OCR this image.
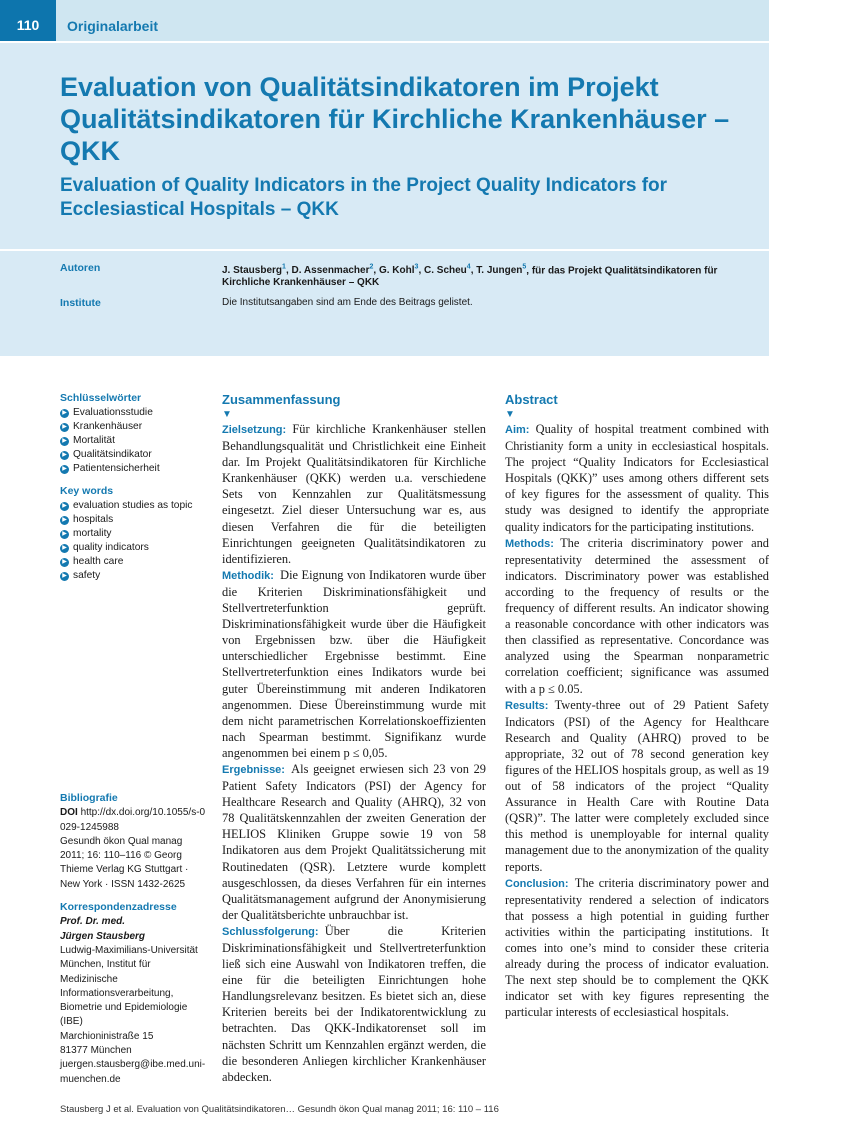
110	Originalarbeit
Evaluation von Qualitätsindikatoren im Projekt Qualitätsindikatoren für Kirchliche Krankenhäuser – QKK
Evaluation of Quality Indicators in the Project Quality Indicators for Ecclesiastical Hospitals – QKK
Autoren	J. Stausberg$^1$, D. Assenmacher$^2$, G. Kohl$^3$, C. Scheu$^4$, T. Jungen$^5$, für das Projekt Qualitätsindikatoren für Kirchliche Krankenhäuser – QKK
Institute	Die Institutsangaben sind am Ende des Beitrags gelistet.
Schlüsselwörter
▶ Evaluationsstudie
▶ Krankenhäuser
▶ Mortalität
▶ Qualitätsindikator
▶ Patientensicherheit
Key words
▶ evaluation studies as topic
▶ hospitals
▶ mortality
▶ quality indicators
▶ health care
▶ safety
Bibliografie
DOI http://dx.doi.org/10.1055/s-0029-1245988
Gesundh ökon Qual manag 2011; 16: 110–116 © Georg Thieme Verlag KG Stuttgart · New York · ISSN 1432-2625
Korrespondenzadresse
Prof. Dr. med.
Jürgen Stausberg
Ludwig-Maximilians-Universität München, Institut für Medizinische Informationsverarbeitung, Biometrie und Epidemiologie (IBE)
Marchioninistraße 15
81377 München
juergen.stausberg@ibe.med.uni-muenchen.de
Zusammenfassung
▼

Zielsetzung:  Für kirchliche Krankenhäuser stellen Behandlungsqualität und Christlichkeit eine Einheit dar. Im Projekt Qualitätsindikatoren für Kirchliche Krankenhäuser (QKK) werden u.a. verschiedene Sets von Kennzahlen zur Qualitätsmessung eingesetzt. Ziel dieser Untersuchung war es, aus diesen Verfahren die für die beteiligten Einrichtungen geeigneten Qualitätsindikatoren zu identifizieren.

Methodik:  Die Eignung von Indikatoren wurde über die Kriterien Diskriminationsfähigkeit und Stellvertreterfunktion geprüft. Diskriminationsfähigkeit wurde über die Häufigkeit von Ergebnissen bzw. über die Häufigkeit unterschiedlicher Ergebnisse bestimmt. Eine Stellvertreterfunktion eines Indikators wurde bei guter Übereinstimmung mit anderen Indikatoren angenommen. Diese Übereinstimmung wurde mit dem nicht parametrischen Korrelationskoeffizienten nach Spearman bestimmt. Signifikanz wurde angenommen bei einem p ≤ 0,05.

Ergebnisse:  Als geeignet erwiesen sich 23 von 29 Patient Safety Indicators (PSI) der Agency for Healthcare Research and Quality (AHRQ), 32 von 78 Qualitätskennzahlen der zweiten Generation der HELIOS Kliniken Gruppe sowie 19 von 58 Indikatoren aus dem Projekt Qualitätssicherung mit Routinedaten (QSR). Letztere wurde komplett ausgeschlossen, da dieses Verfahren für ein internes Qualitätsmanagement aufgrund der Anonymisierung der Qualitätsberichte unbrauchbar ist.

Schlussfolgerung:  Über die Kriterien Diskriminationsfähigkeit und Stellvertreterfunktion ließ sich eine Auswahl von Indikatoren treffen, die eine für die beteiligten Einrichtungen hohe Handlungsrelevanz besitzen. Es bietet sich an, diese Kriterien bereits bei der Indikatorentwicklung zu betrachten. Das QKK-Indikatorenset soll im nächsten Schritt um Kennzahlen ergänzt werden, die die besonderen Anliegen kirchlicher Krankenhäuser abdecken.

Abstract
▼

Aim:  Quality of hospital treatment combined with Christianity form a unity in ecclesiastical hospitals. The project “Quality Indicators for Ecclesiastical Hospitals (QKK)” uses among others different sets of key figures for the assessment of quality. This study was designed to identify the appropriate quality indicators for the participating institutions.

Methods:  The criteria discriminatory power and representativity determined the assessment of indicators. Discriminatory power was established according to the frequency of results or the frequency of different results. An indicator showing a reasonable concordance with other indicators was then classified as representative. Concordance was analyzed using the Spearman nonparametric correlation coefficient; significance was assumed with a p ≤ 0.05.

Results:  Twenty-three out of 29 Patient Safety Indicators (PSI) of the Agency for Healthcare Research and Quality (AHRQ) proved to be appropriate, 32 out of 78 second generation key figures of the HELIOS hospitals group, as well as 19 out of 58 indicators of the project “Quality Assurance in Health Care with Routine Data (QSR)”. The latter were completely excluded since this method is unemployable for internal quality management due to the anonymization of the quality reports.

Conclusion:  The criteria discriminatory power and representativity rendered a selection of indicators that possess a high potential in guiding further activities within the participating institutions. It comes into one’s mind to consider these criteria already during the process of indicator evaluation. The next step should be to complement the QKK indicator set with key figures representing the particular interests of ecclesiastical hospitals.

Stausberg J et al. Evaluation von Qualitätsindikatoren… Gesundh ökon Qual manag 2011; 16: 110 – 116
